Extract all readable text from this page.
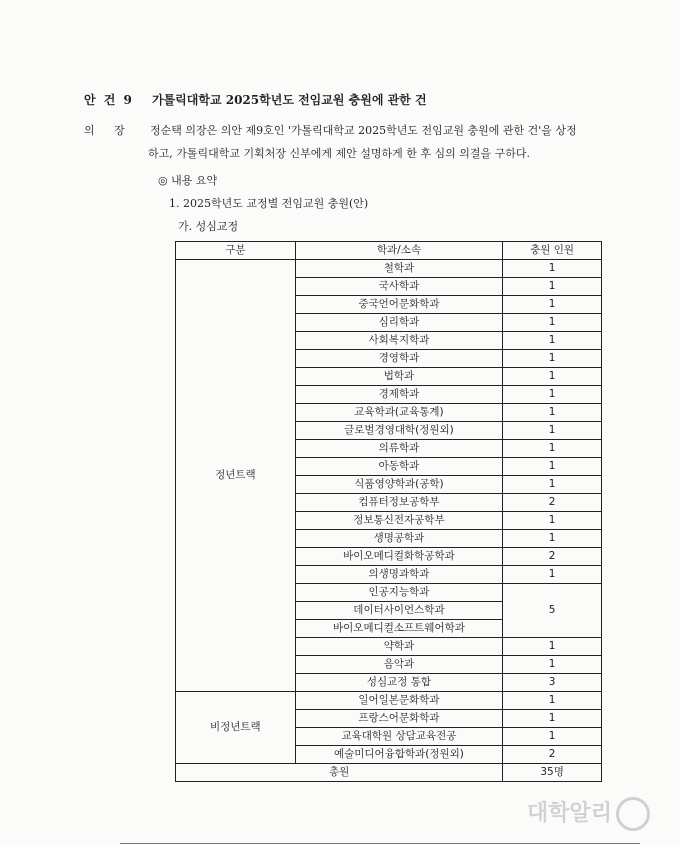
안 건 9 가톨릭대학교 2025학년도 전임교원 충원에 관한 건
의 장 정순택 의장은 의안 제9호인 '가톨릭대학교 2025학년도 전임교원 충원에 관한 건'을 상정
하고, 가톨릭대학교 기획처장 신부에게 제안 설명하게 한 후 심의 의결을 구하다.
◎ 내용 요약
1. 2025학년도 교정별 전임교원 충원(안)
가. 성심교정
구분	학과/소속	충원 인원
정년트랙	철학과	1
	국사학과	1
	중국언어문화학과	1
	심리학과	1
	사회복지학과	1
	경영학과	1
	법학과	1
	경제학과	1
	교육학과(교육통계)	1
	글로벌경영대학(정원외)	1
	의류학과	1
	아동학과	1
	식품영양학과(공학)	1
	컴퓨터정보공학부	2
	정보통신전자공학부	1
	생명공학과	1
	바이오메디컬화학공학과	2
	의생명과학과	1
	인공지능학과	5
	데이터사이언스학과	
	바이오메디컬소프트웨어학과	
	약학과	1
	음악과	1
	성심교정 통합	3
비정년트랙	일어일본문화학과	1
	프랑스어문화학과	1
	교육대학원 상담교육전공	1
	예술미디어융합학과(정원외)	2
총원		35명
대학알리
